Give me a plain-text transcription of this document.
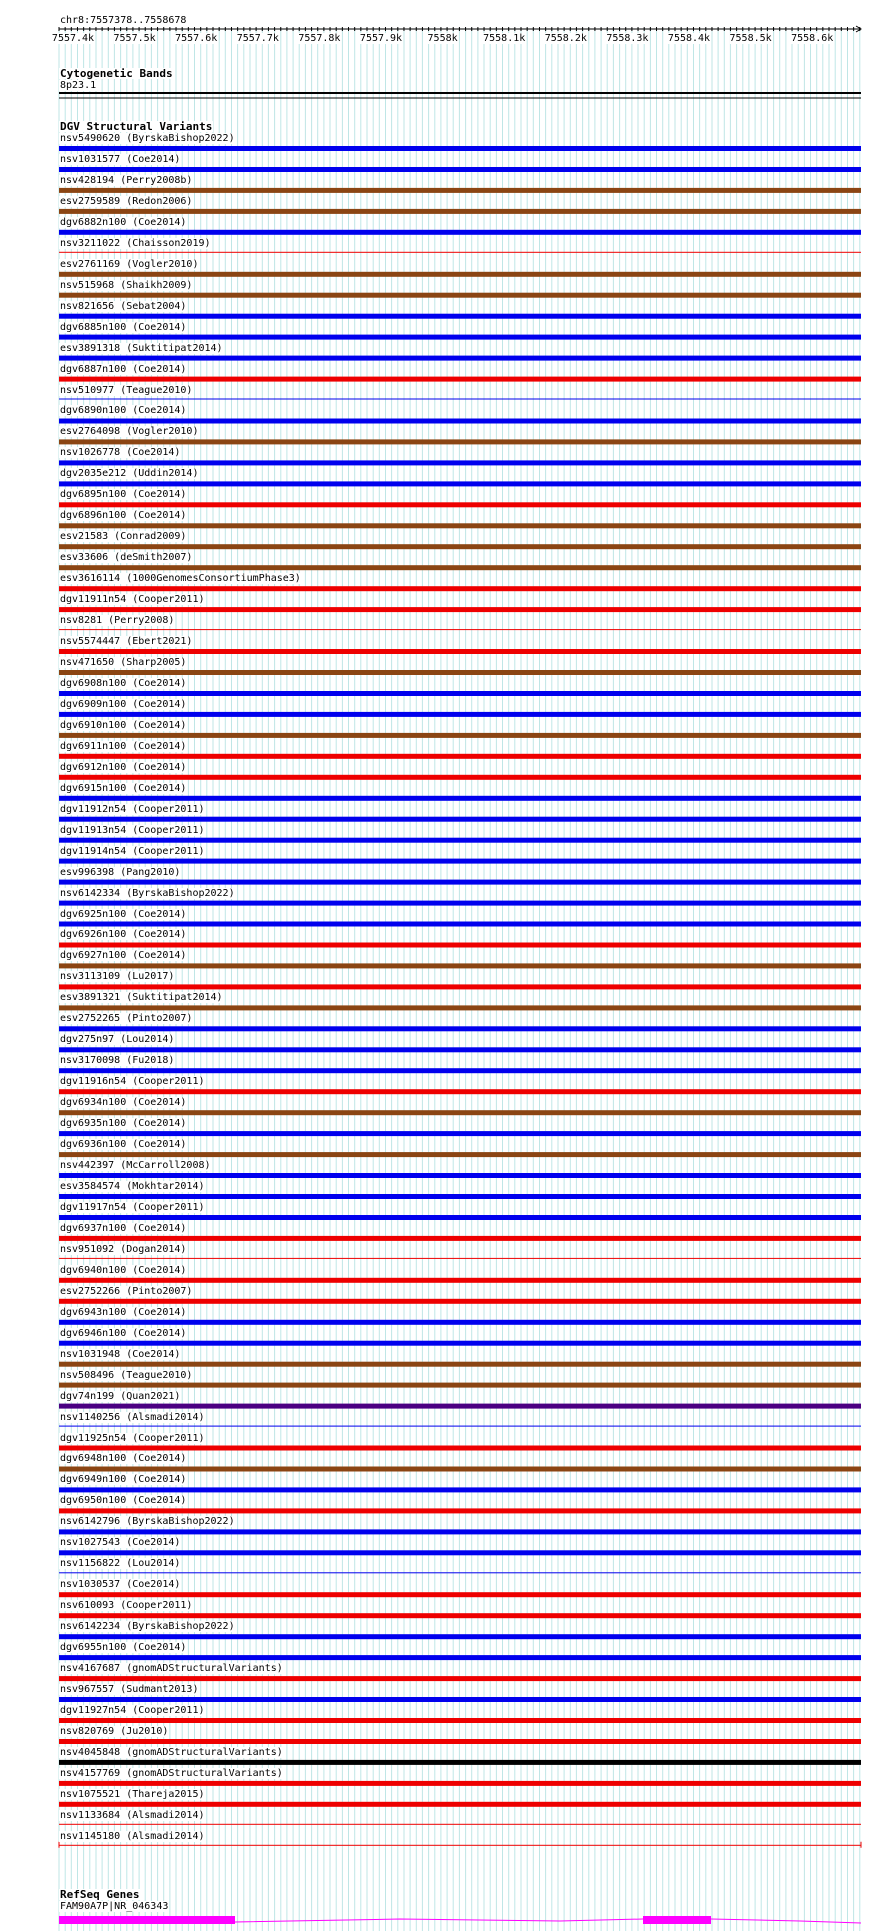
chr8:7557378..7558678
7557.4k 7557.5k 7557.6k 7557.7k 7557.8k 7557.9k	7558k	7558.1k 7558.2k 7558.3k 7558.4k 7558.5k 7558.6k
Cytogenetic Bands
8p23.1
DGV Structural Variants
nsv5490620 (ByrskaBishop2022)
nsv1031577 (Coe2014)
nsv428194 (Perry2008b)
esv2759589 (Redon2006)
dgv6882n100 (Coe2014)
nsv3211022 (Chaisson2019)
esv2761169 (Vogler2010)
nsv515968 (Shaikh2009)
nsv821656 (Sebat2004)
dgv6885n100 (Coe2014)
esv3891318 (Suktitipat2014)
dgv6887n100 (Coe2014)
nsv510977 (Teague2010)
dgv6890n100 (Coe2014)
esv2764098 (Vogler2010)
nsv1026778 (Coe2014)
dgv2035e212 (Uddin2014)
dgv6895n100 (Coe2014)
dgv6896n100 (Coe2014)
esv21583 (Conrad2009)
esv33606 (deSmith2007)
esv3616114 (1000GenomesConsortiumPhase3)
dgv11911n54 (Cooper2011)
nsv8281 (Perry2008)
nsv5574447 (Ebert2021)
nsv471650 (Sharp2005)
dgv6908n100 (Coe2014)
dgv6909n100 (Coe2014)
dgv6910n100 (Coe2014)
dgv6911n100 (Coe2014)
dgv6912n100 (Coe2014)
dgv6915n100 (Coe2014)
dgv11912n54 (Cooper2011)
dgv11913n54 (Cooper2011)
dgv11914n54 (Cooper2011)
esv996398 (Pang2010)
nsv6142334 (ByrskaBishop2022)
dgv6925n100 (Coe2014)
dgv6926n100 (Coe2014)
dgv6927n100 (Coe2014)
nsv3113109 (Lu2017)
esv3891321 (Suktitipat2014)
esv2752265 (Pinto2007)
dgv275n97 (Lou2014)
nsv3170098 (Fu2018)
dgv11916n54 (Cooper2011)
dgv6934n100 (Coe2014)
dgv6935n100 (Coe2014)
dgv6936n100 (Coe2014)
nsv442397 (McCarroll2008)
esv3584574 (Mokhtar2014)
dgv11917n54 (Cooper2011)
dgv6937n100 (Coe2014)
nsv951092 (Dogan2014)
dgv6940n100 (Coe2014)
esv2752266 (Pinto2007)
dgv6943n100 (Coe2014)
dgv6946n100 (Coe2014)
nsv1031948 (Coe2014)
nsv508496 (Teague2010)
dgv74n199 (Quan2021)
nsv1140256 (Alsmadi2014)
dgv11925n54 (Cooper2011)
dgv6948n100 (Coe2014)
dgv6949n100 (Coe2014)
dgv6950n100 (Coe2014)
nsv6142796 (ByrskaBishop2022)
nsv1027543 (Coe2014)
nsv1156822 (Lou2014)
nsv1030537 (Coe2014)
nsv610093 (Cooper2011)
nsv6142234 (ByrskaBishop2022)
dgv6955n100 (Coe2014)
nsv4167687 (gnomADStructuralVariants)
nsv967557 (Sudmant2013)
dgv11927n54 (Cooper2011)
nsv820769 (Ju2010)
nsv4045848 (gnomADStructuralVariants)
nsv4157769 (gnomADStructuralVariants)
nsv1075521 (Thareja2015)
nsv1133684 (Alsmadi2014)
nsv1145180 (Alsmadi2014)
RefSeq Genes
FAM90A7P|NR_046343
